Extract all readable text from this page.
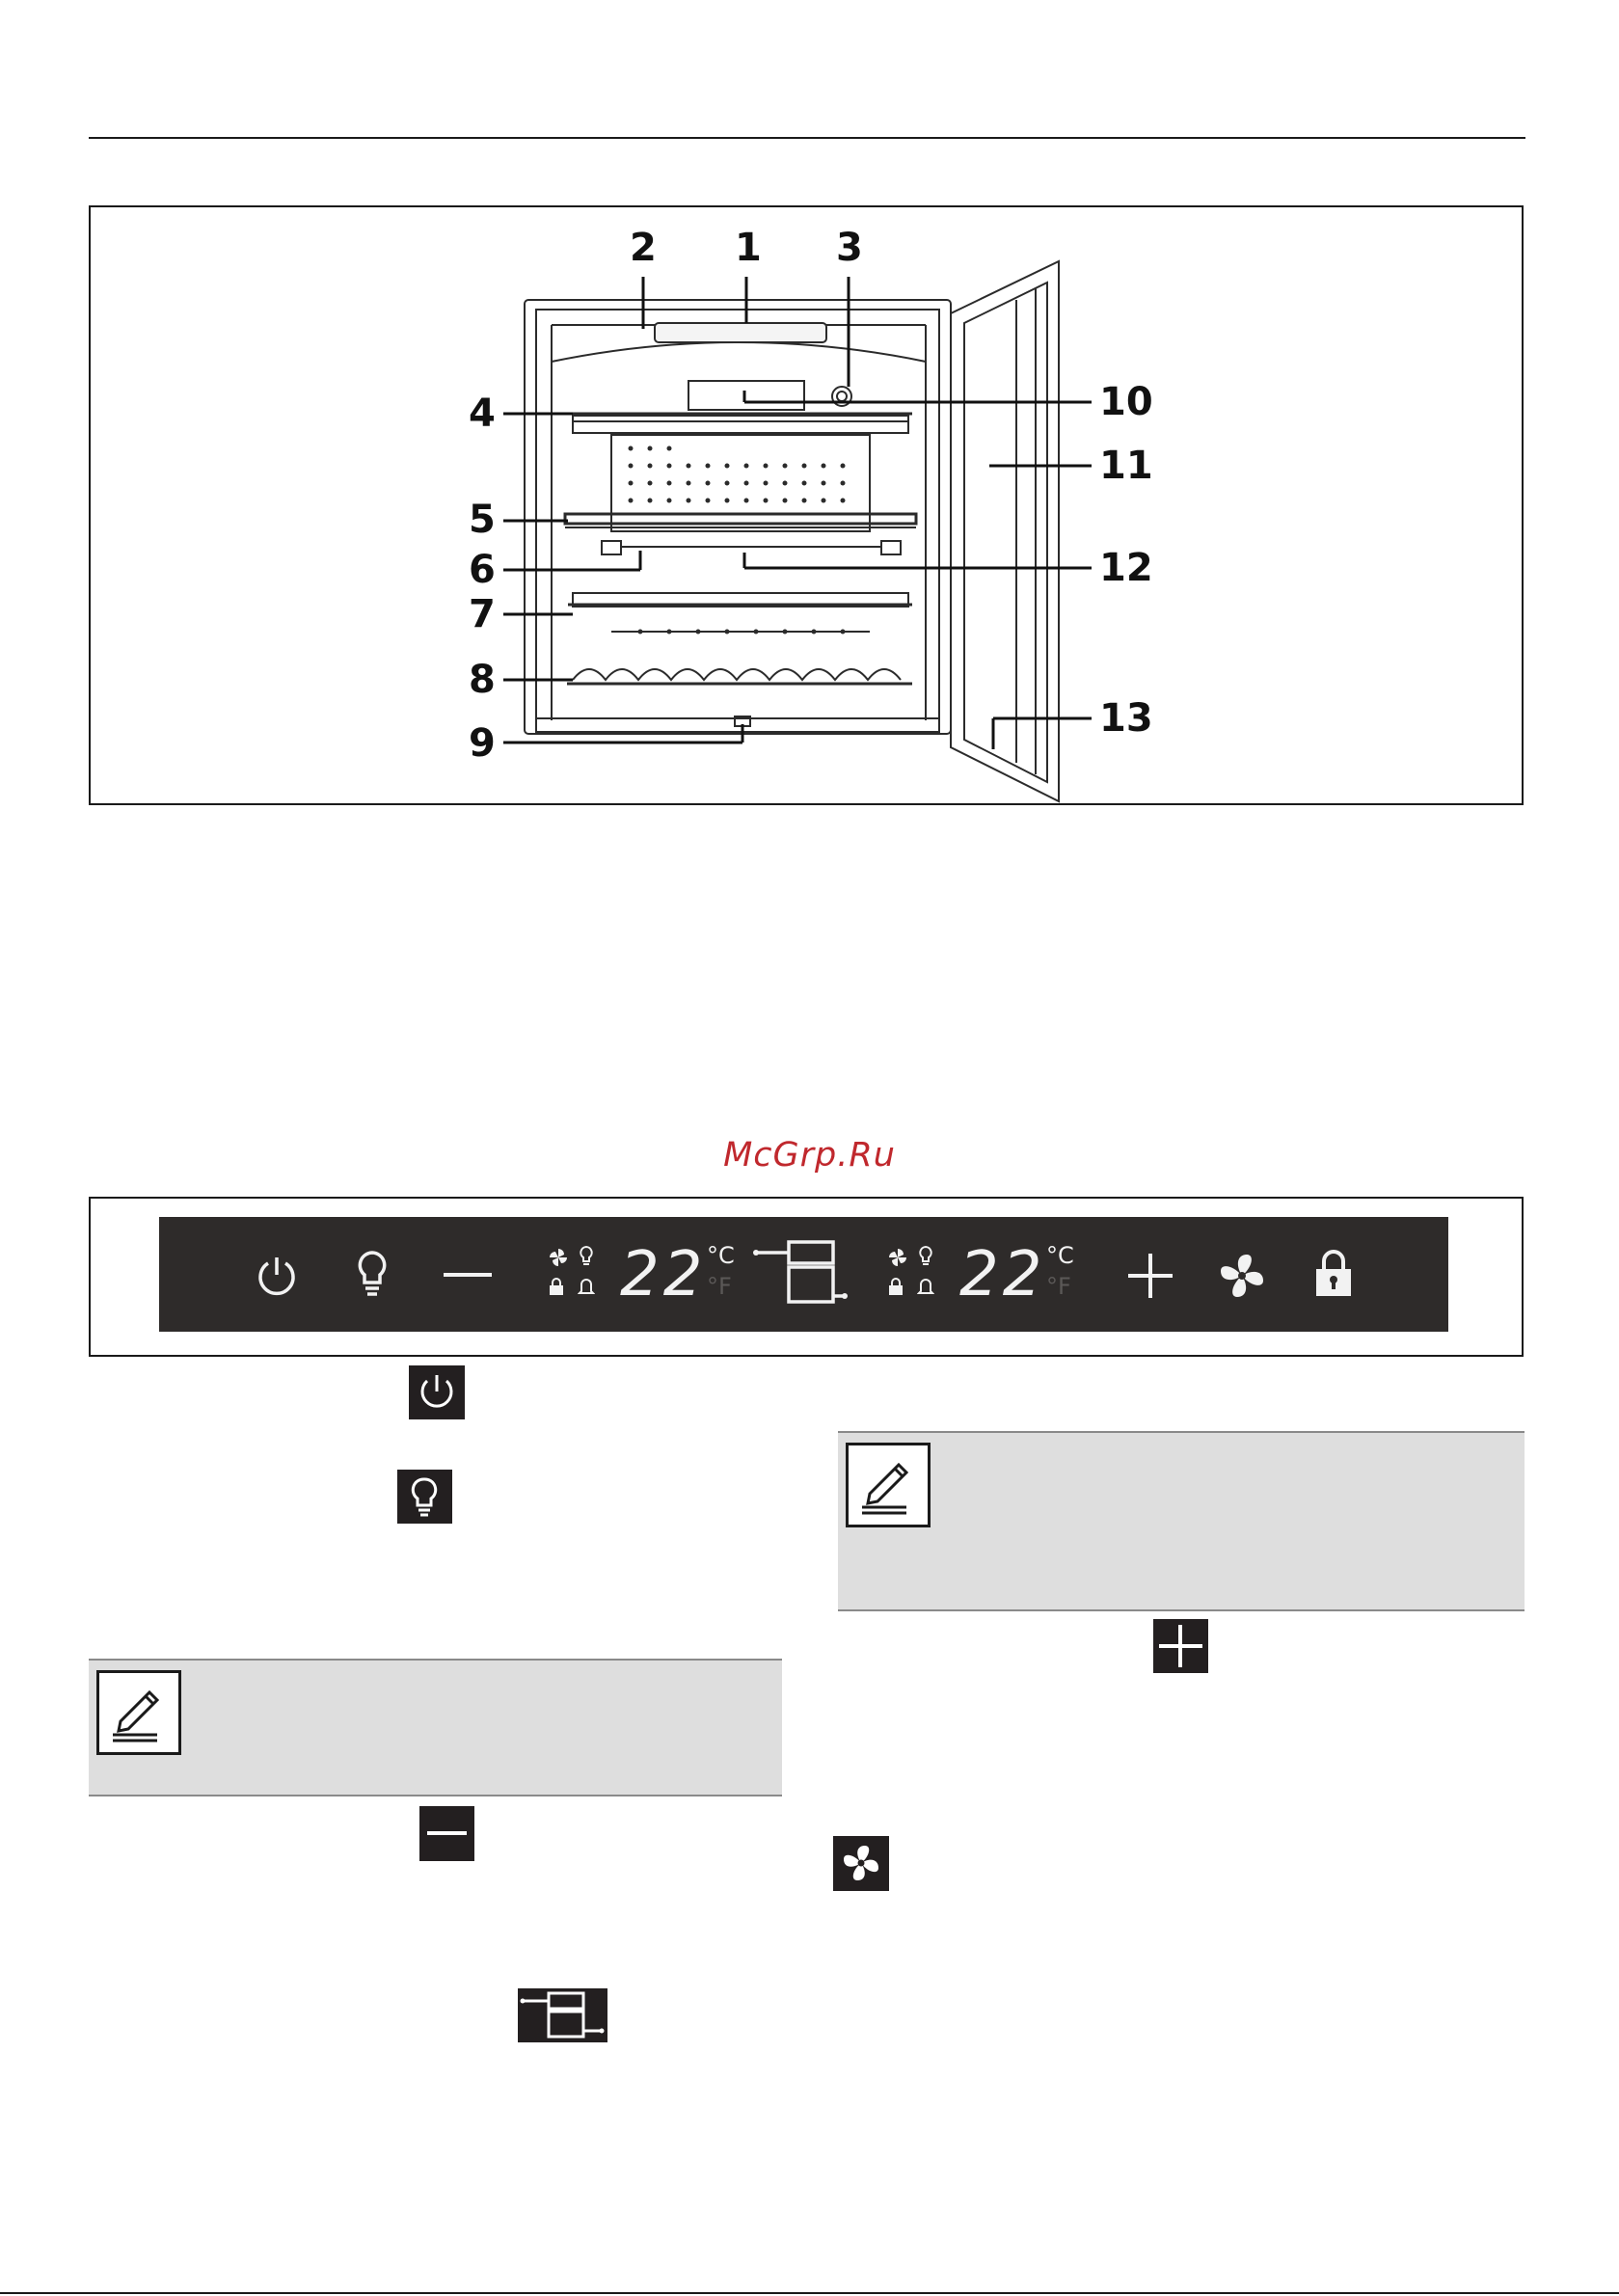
2 1 3
4
5
6
7
8
9
10
11
12
13
McGrp.Ru
22 °C
°F	22 °C
°F
